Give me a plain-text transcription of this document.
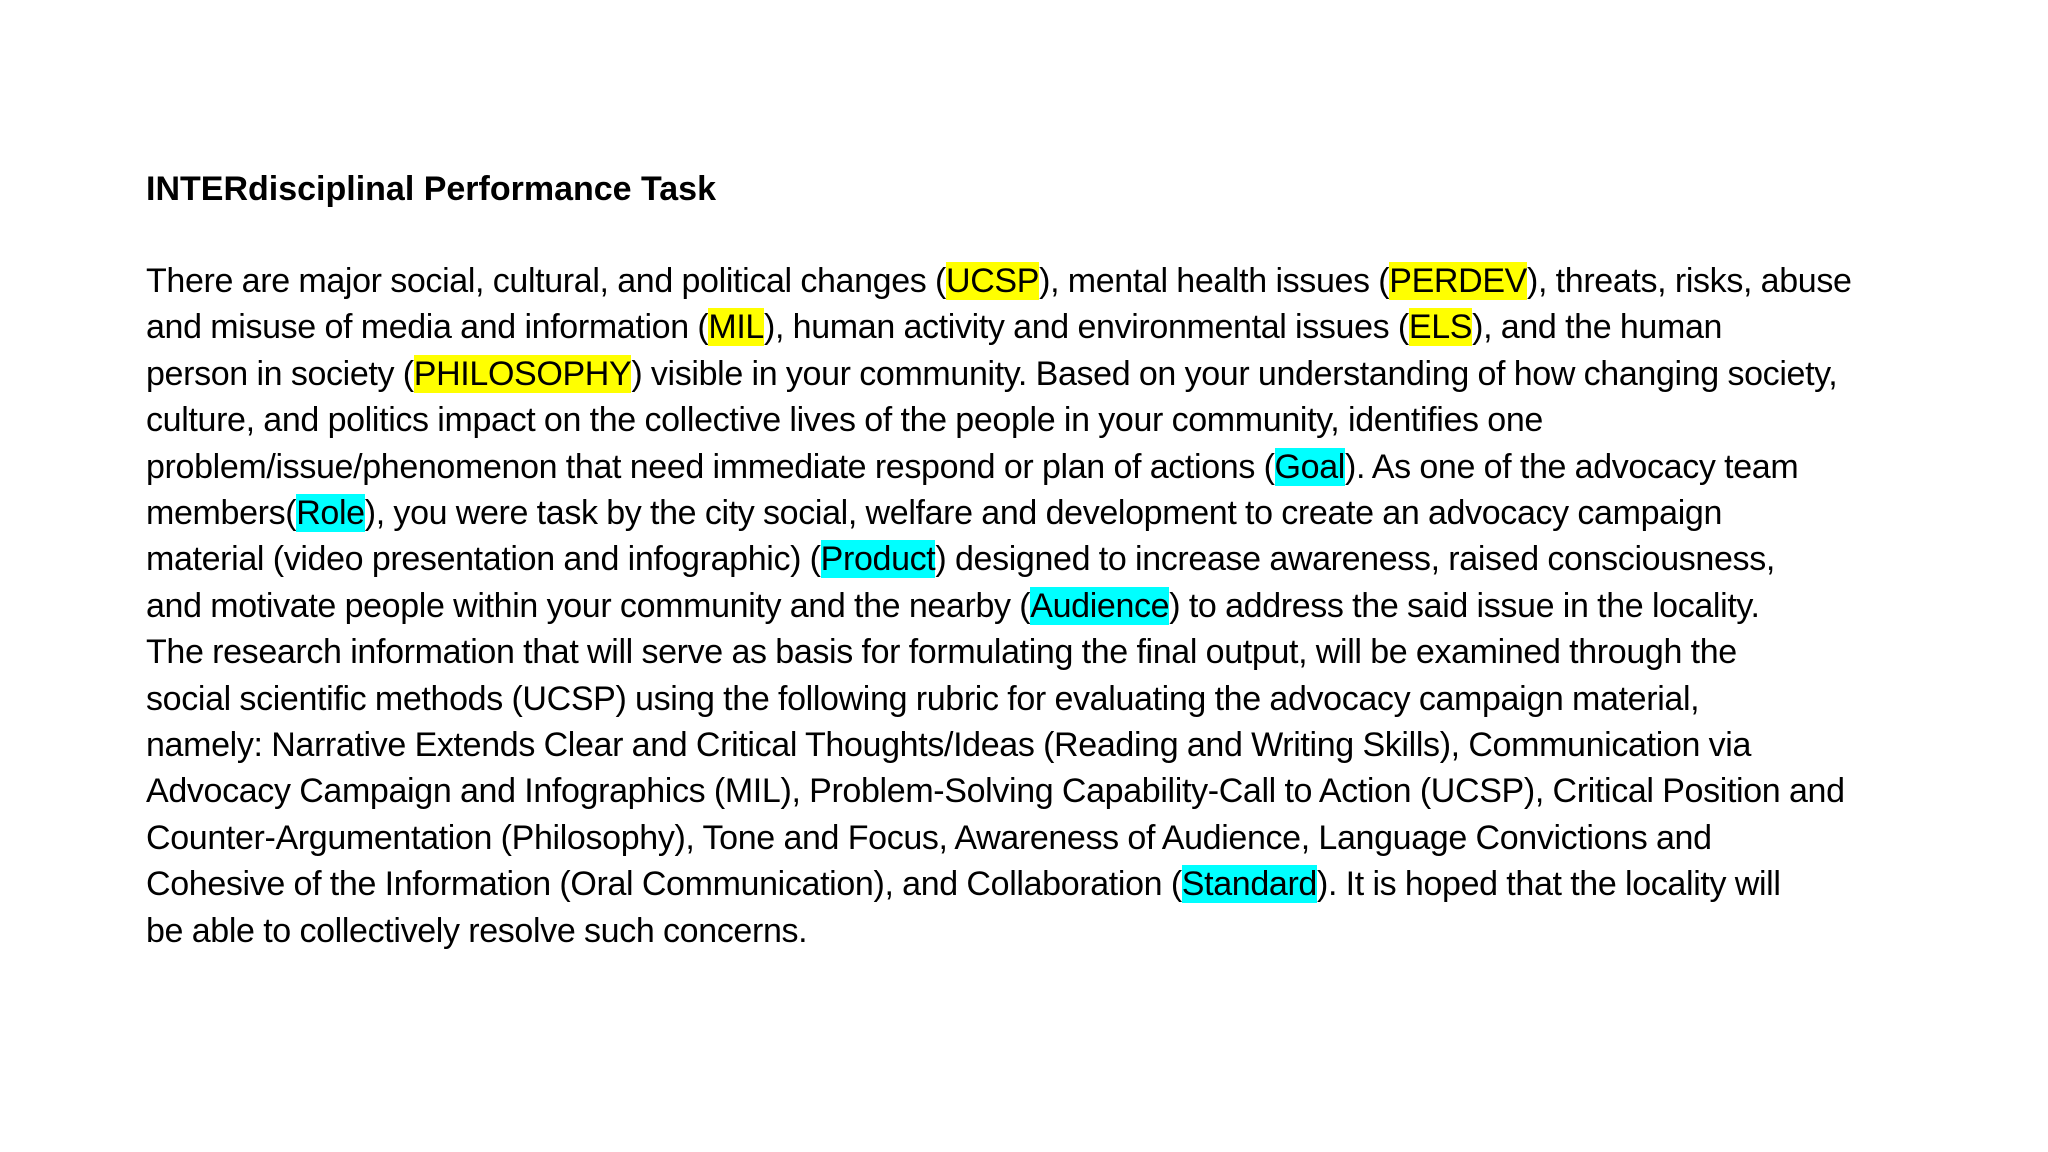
INTERdisciplinal Performance Task
There are major social, cultural, and political changes (UCSP), mental health issues (PERDEV), threats, risks, abuse
and misuse of media and information (MIL), human activity and environmental issues (ELS), and the human
person in society (PHILOSOPHY) visible in your community. Based on your understanding of how changing society,
culture, and politics impact on the collective lives of the people in your community, identifies one
problem/issue/phenomenon that need immediate respond or plan of actions (Goal). As one of the advocacy team
members(Role), you were task by the city social, welfare and development to create an advocacy campaign
material (video presentation and infographic) (Product) designed to increase awareness, raised consciousness,
and motivate people within your community and the nearby (Audience) to address the said issue in the locality.
The research information that will serve as basis for formulating the final output, will be examined through the
social scientific methods (UCSP) using the following rubric for evaluating the advocacy campaign material,
namely: Narrative Extends Clear and Critical Thoughts/Ideas (Reading and Writing Skills), Communication via
Advocacy Campaign and Infographics (MIL), Problem-Solving Capability-Call to Action (UCSP), Critical Position and
Counter-Argumentation (Philosophy), Tone and Focus, Awareness of Audience, Language Convictions and
Cohesive of the Information (Oral Communication), and Collaboration (Standard). It is hoped that the locality will
be able to collectively resolve such concerns.
